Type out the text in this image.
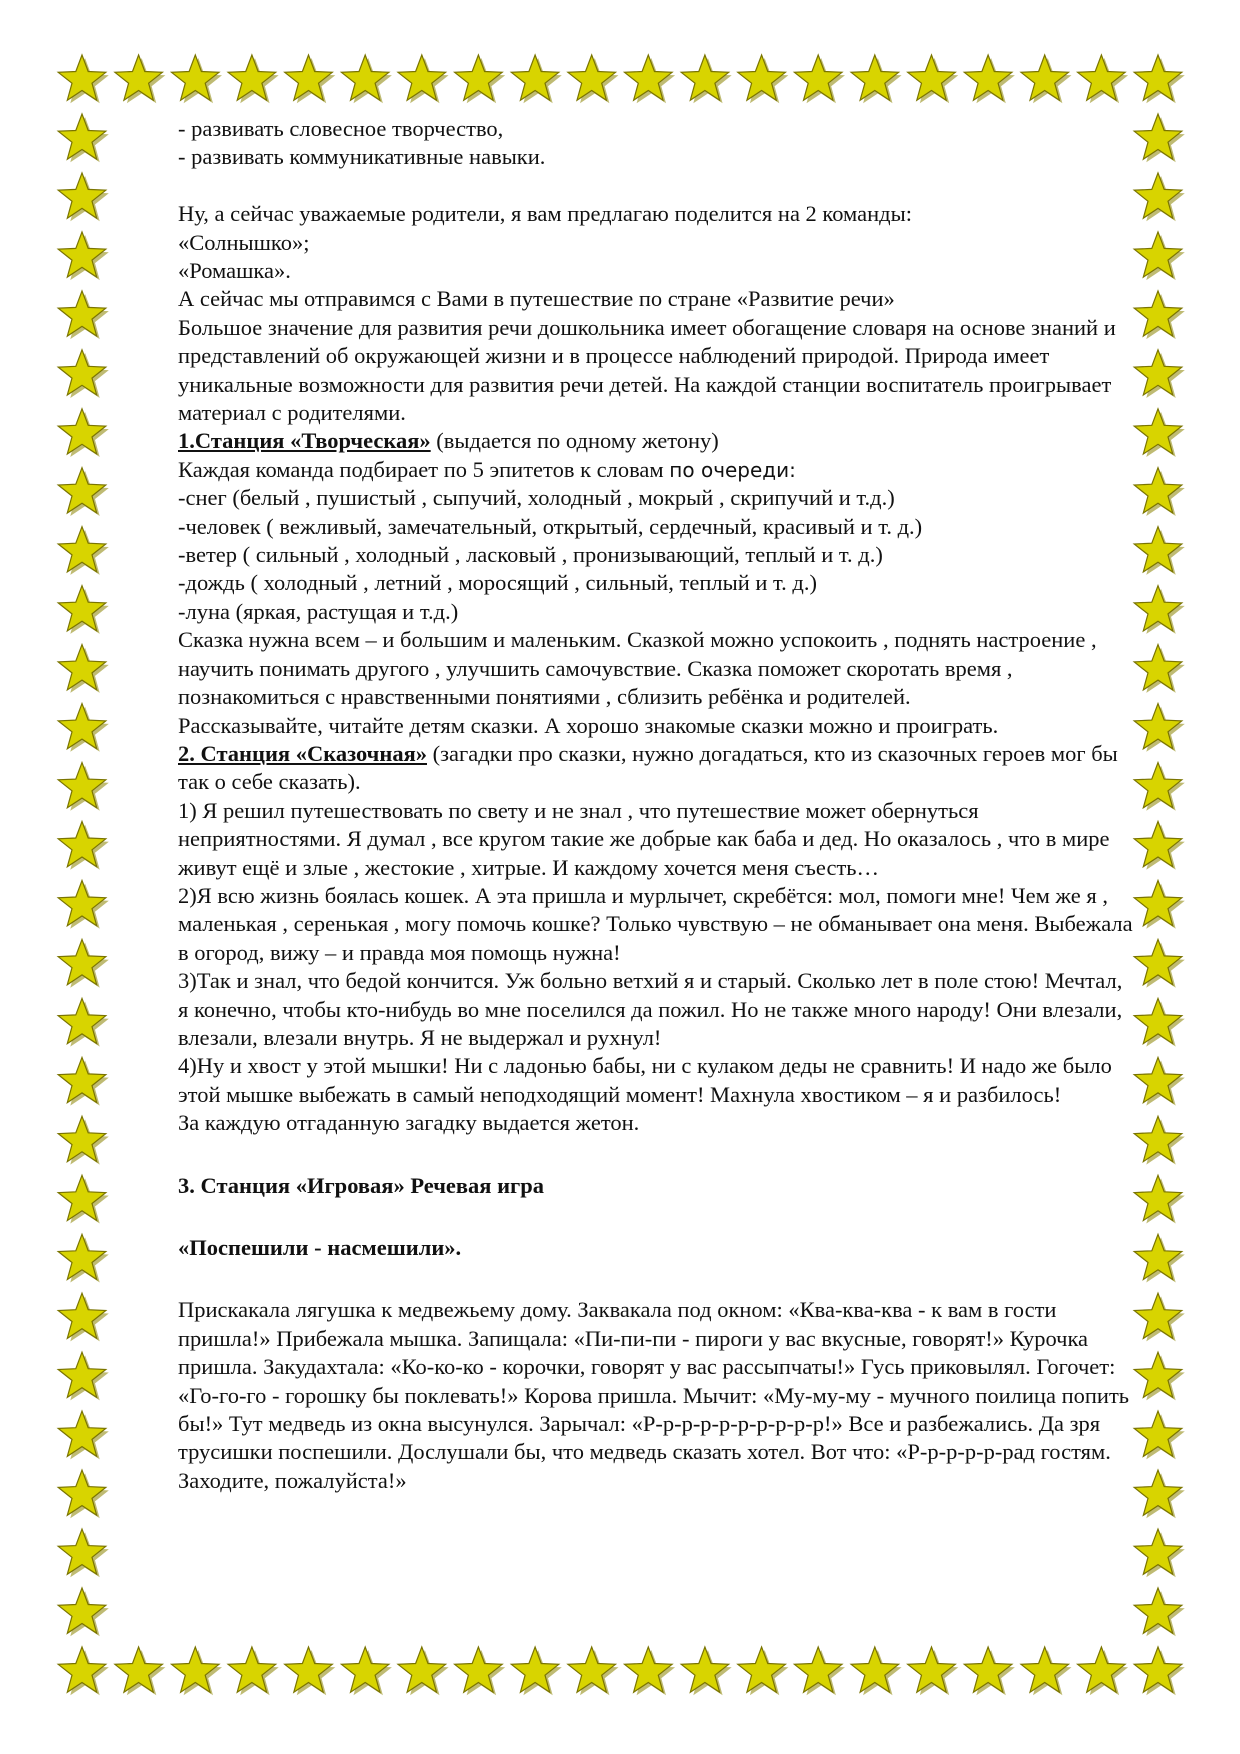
- развивать словесное творчество,

- развивать коммуникативные навыки.

Ну, а сейчас уважаемые родители, я вам предлагаю поделится на 2 команды:

«Солнышко»;

«Ромашка».

А сейчас мы отправимся с Вами в путешествие по стране «Развитие речи»

Большое значение для развития речи дошкольника имеет обогащение словаря на основе знаний и представлений об окружающей жизни и в процессе наблюдений природой. Природа имеет уникальные возможности для развития речи детей. На каждой станции воспитатель проигрывает материал с родителями.

1.Станция «Творческая» (выдается по одному жетону)

Каждая команда подбирает по 5 эпитетов к словам по очереди:

-снег (белый , пушистый , сыпучий, холодный , мокрый , скрипучий и т.д.)

-человек ( вежливый, замечательный, открытый, сердечный, красивый и т. д.)

-ветер ( сильный , холодный , ласковый , пронизывающий, теплый и т. д.)

-дождь ( холодный , летний , моросящий , сильный, теплый и т. д.)

-луна (яркая, растущая и т.д.)

Сказка нужна всем – и большим и маленьким. Сказкой можно успокоить , поднять настроение , научить понимать другого , улучшить самочувствие. Сказка поможет скоротать время , познакомиться с нравственными понятиями , сблизить ребёнка и родителей.

Рассказывайте, читайте детям сказки. А хорошо знакомые сказки можно и проиграть.

2. Станция «Сказочная» (загадки про сказки, нужно догадаться, кто из сказочных героев мог бы так о себе сказать).

1) Я решил путешествовать по свету и не знал , что путешествие может обернуться неприятностями. Я думал , все кругом такие же добрые как баба и дед. Но оказалось , что в мире живут ещё и злые , жестокие , хитрые. И каждому хочется меня съесть…

2)Я всю жизнь боялась кошек. А эта пришла и мурлычет, скребётся: мол, помоги мне! Чем же я , маленькая , серенькая , могу помочь кошке? Только чувствую – не обманывает она меня. Выбежала в огород, вижу – и правда моя помощь нужна!

3)Так и знал, что бедой кончится. Уж больно ветхий я и старый. Сколько лет в поле стою! Мечтал, я конечно, чтобы кто-нибудь во мне поселился да пожил. Но не также много народу! Они влезали, влезали, влезали внутрь. Я не выдержал и рухнул!

4)Ну и хвост у этой мышки! Ни с ладонью бабы, ни с кулаком деды не сравнить! И надо же было этой мышке выбежать в самый неподходящий момент! Махнула хвостиком – я и разбилось!

За каждую отгаданную загадку выдается жетон.

3. Станция «Игровая» Речевая игра

«Поспешили - насмешили».

Прискакала лягушка к медвежьему дому. Заквакала под окном: «Ква-ква-ква - к вам в гости пришла!» Прибежала мышка. Запищала: «Пи-пи-пи - пироги у вас вкусные, говорят!» Курочка пришла. Закудахтала: «Ко-ко-ко - корочки, говорят у вас рассыпчаты!» Гусь приковылял. Гогочет: «Го-го-го - горошку бы поклевать!» Корова пришла. Мычит: «Му-му-му - мучного поилица попить бы!» Тут медведь из окна высунулся. Зарычал: «Р-р-р-р-р-р-р-р-р-р!» Все и разбежались. Да зря трусишки поспешили. Дослушали бы, что медведь сказать хотел. Вот что: «Р-р-р-р-р-рад гостям. Заходите, пожалуйста!»
